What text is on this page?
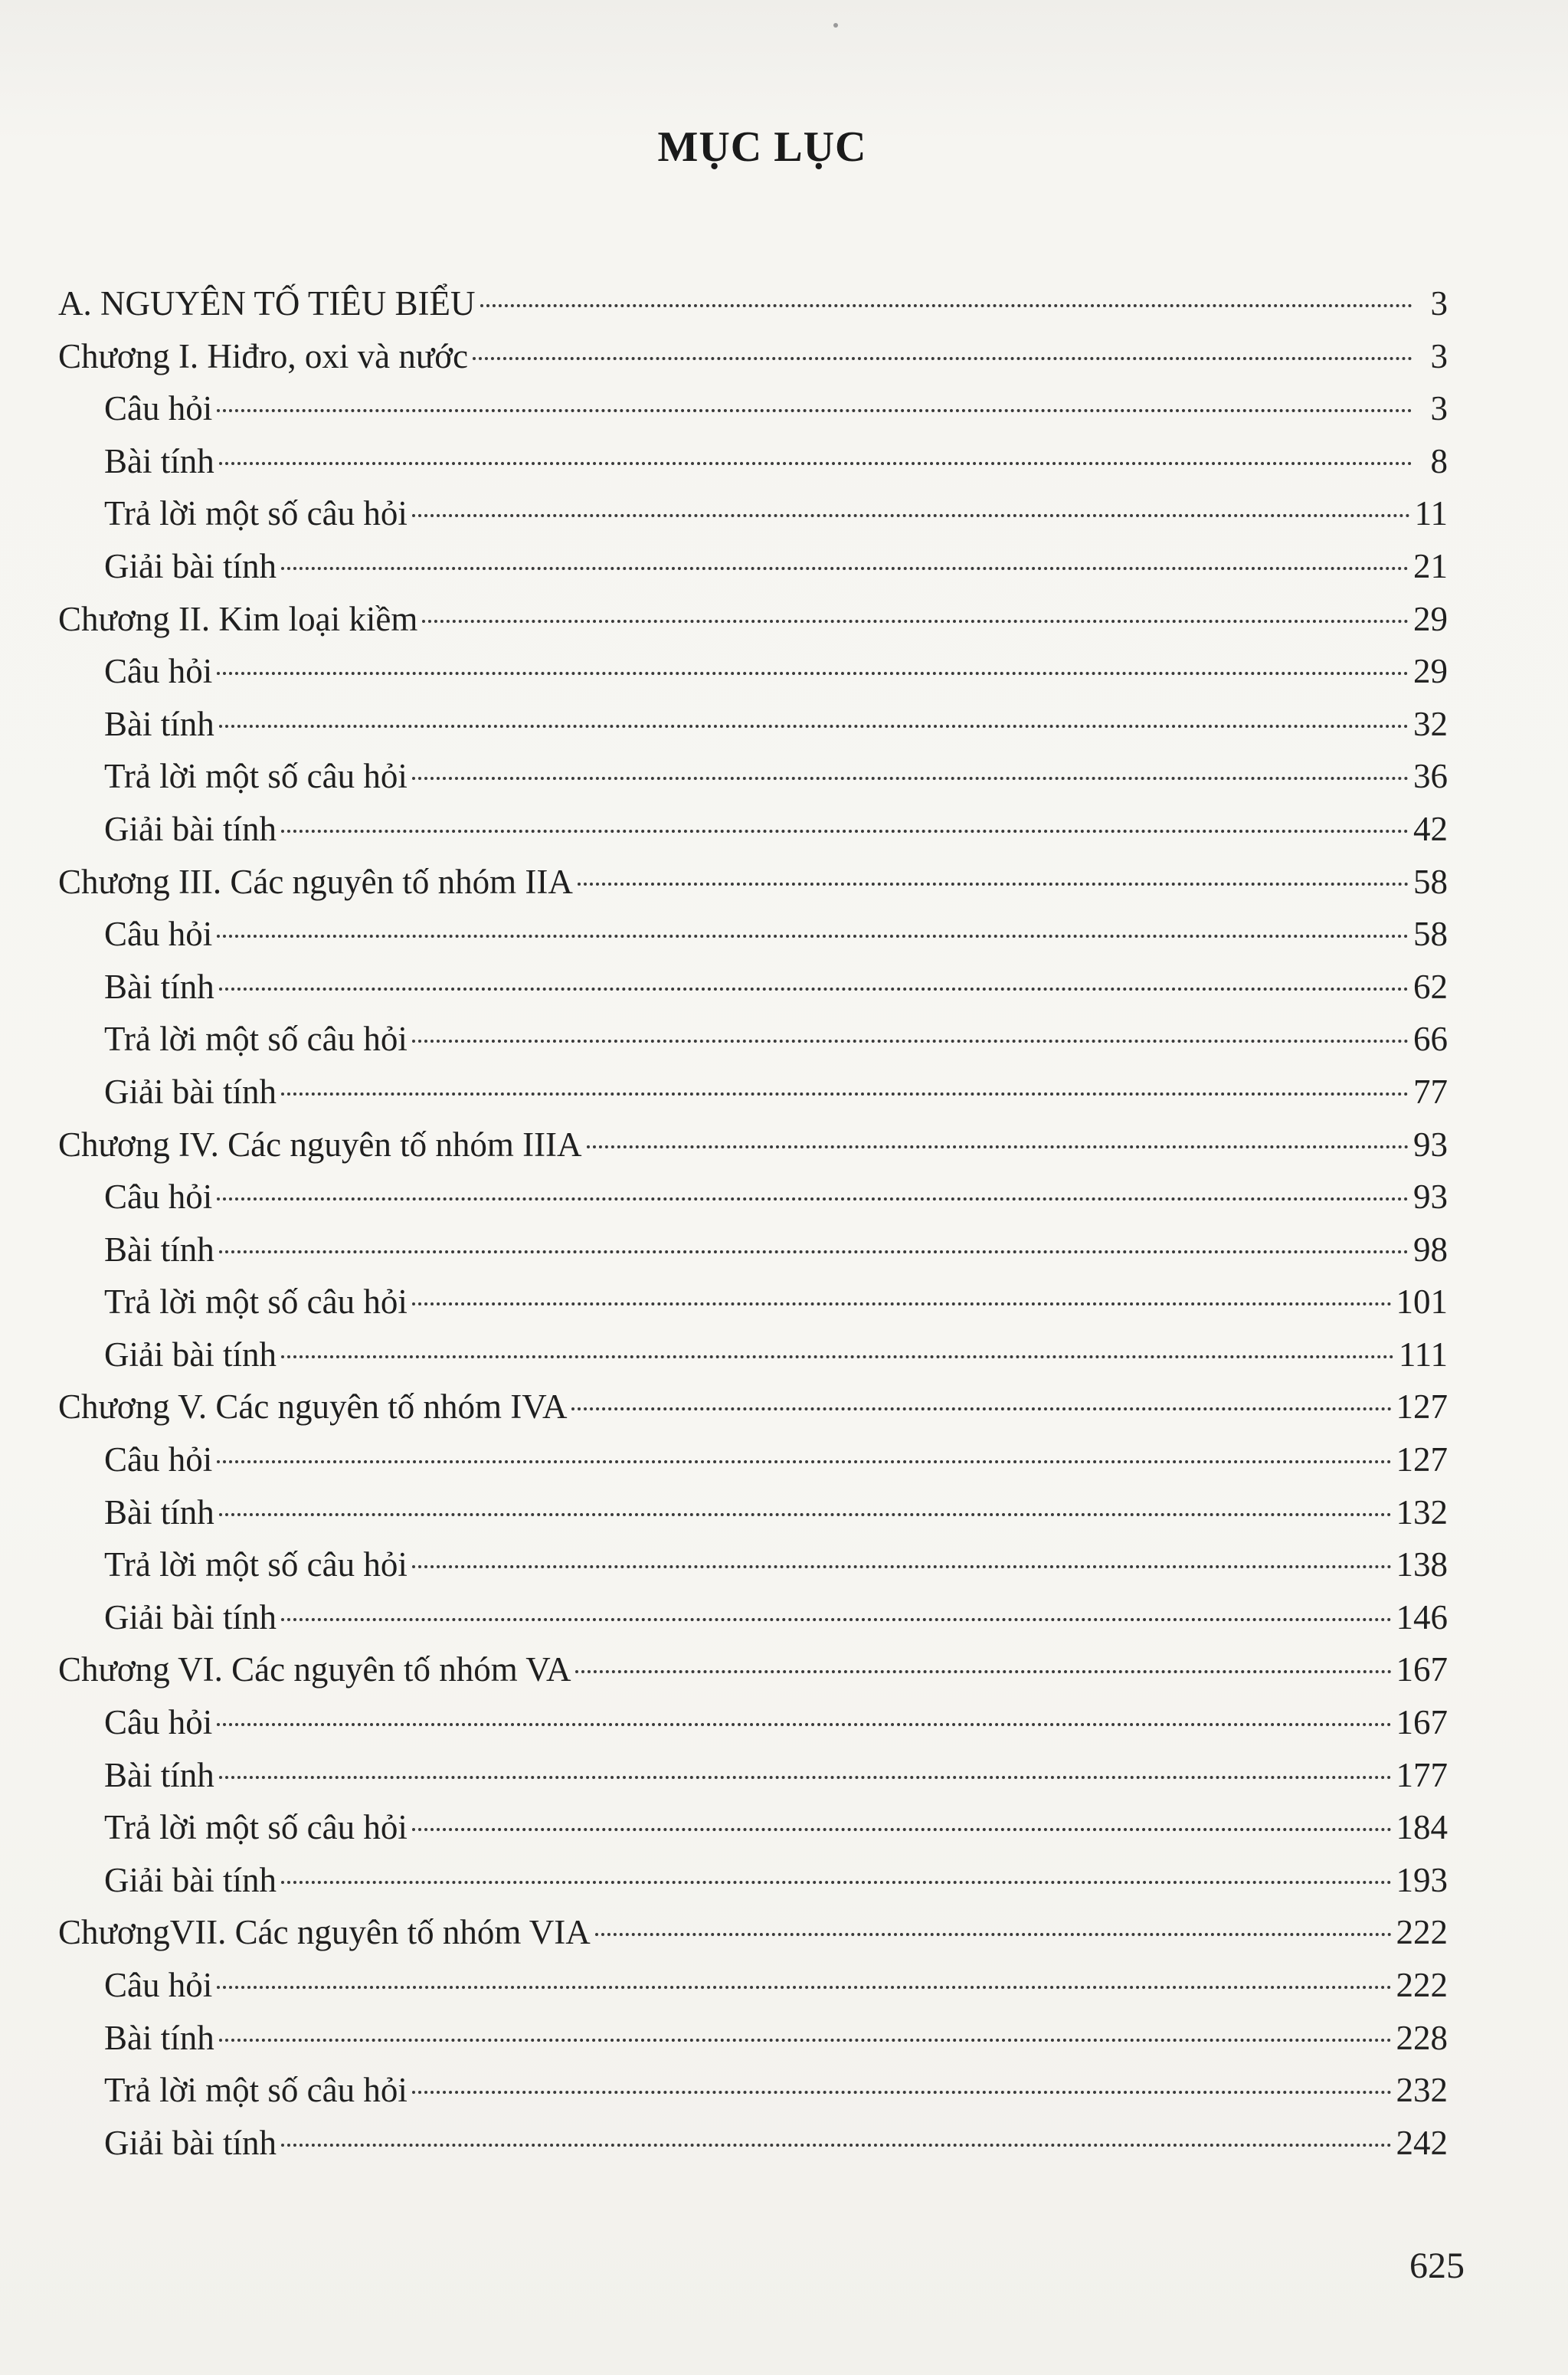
MỤC LỤC
A. NGUYÊN TỐ TIÊU BIỂU	3
Chương I. Hiđro, oxi và nước	3
Câu hỏi	3
Bài tính	8
Trả lời một số câu hỏi	11
Giải bài tính	21
Chương II. Kim loại kiềm	29
Câu hỏi	29
Bài tính	32
Trả lời một số câu hỏi	36
Giải bài tính	42
Chương III. Các nguyên tố nhóm IIA	58
Câu hỏi	58
Bài tính	62
Trả lời một số câu hỏi	66
Giải bài tính	77
Chương IV. Các nguyên tố nhóm IIIA	93
Câu hỏi	93
Bài tính	98
Trả lời một số câu hỏi	101
Giải bài tính	111
Chương V. Các nguyên tố nhóm IVA	127
Câu hỏi	127
Bài tính	132
Trả lời một số câu hỏi	138
Giải bài tính	146
Chương VI. Các nguyên tố nhóm VA	167
Câu hỏi	167
Bài tính	177
Trả lời một số câu hỏi	184
Giải bài tính	193
ChươngVII. Các nguyên tố nhóm VIA	222
Câu hỏi	222
Bài tính	228
Trả lời một số câu hỏi	232
Giải bài tính	242
625
